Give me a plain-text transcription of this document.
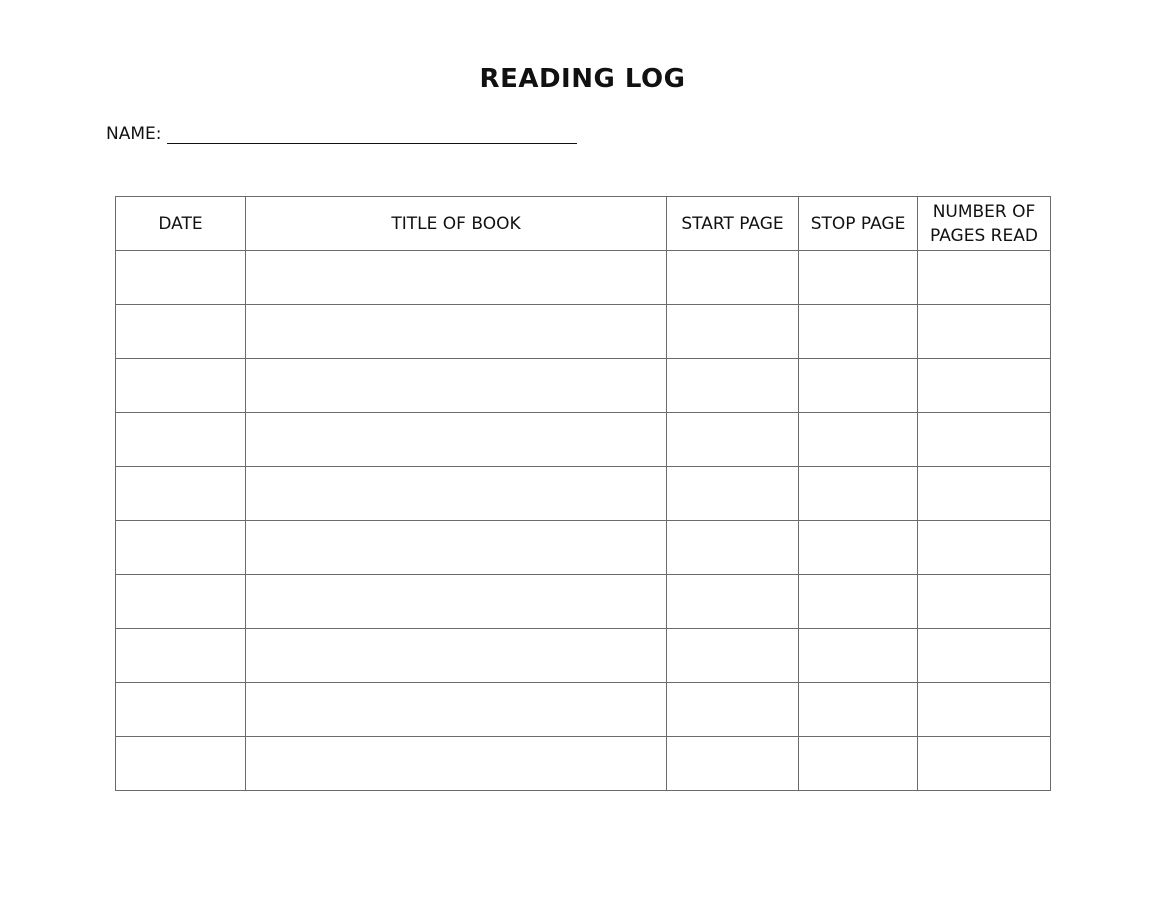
READING LOG
NAME:
DATE	TITLE OF BOOK	START PAGE	STOP PAGE	NUMBER OF
PAGES READ
